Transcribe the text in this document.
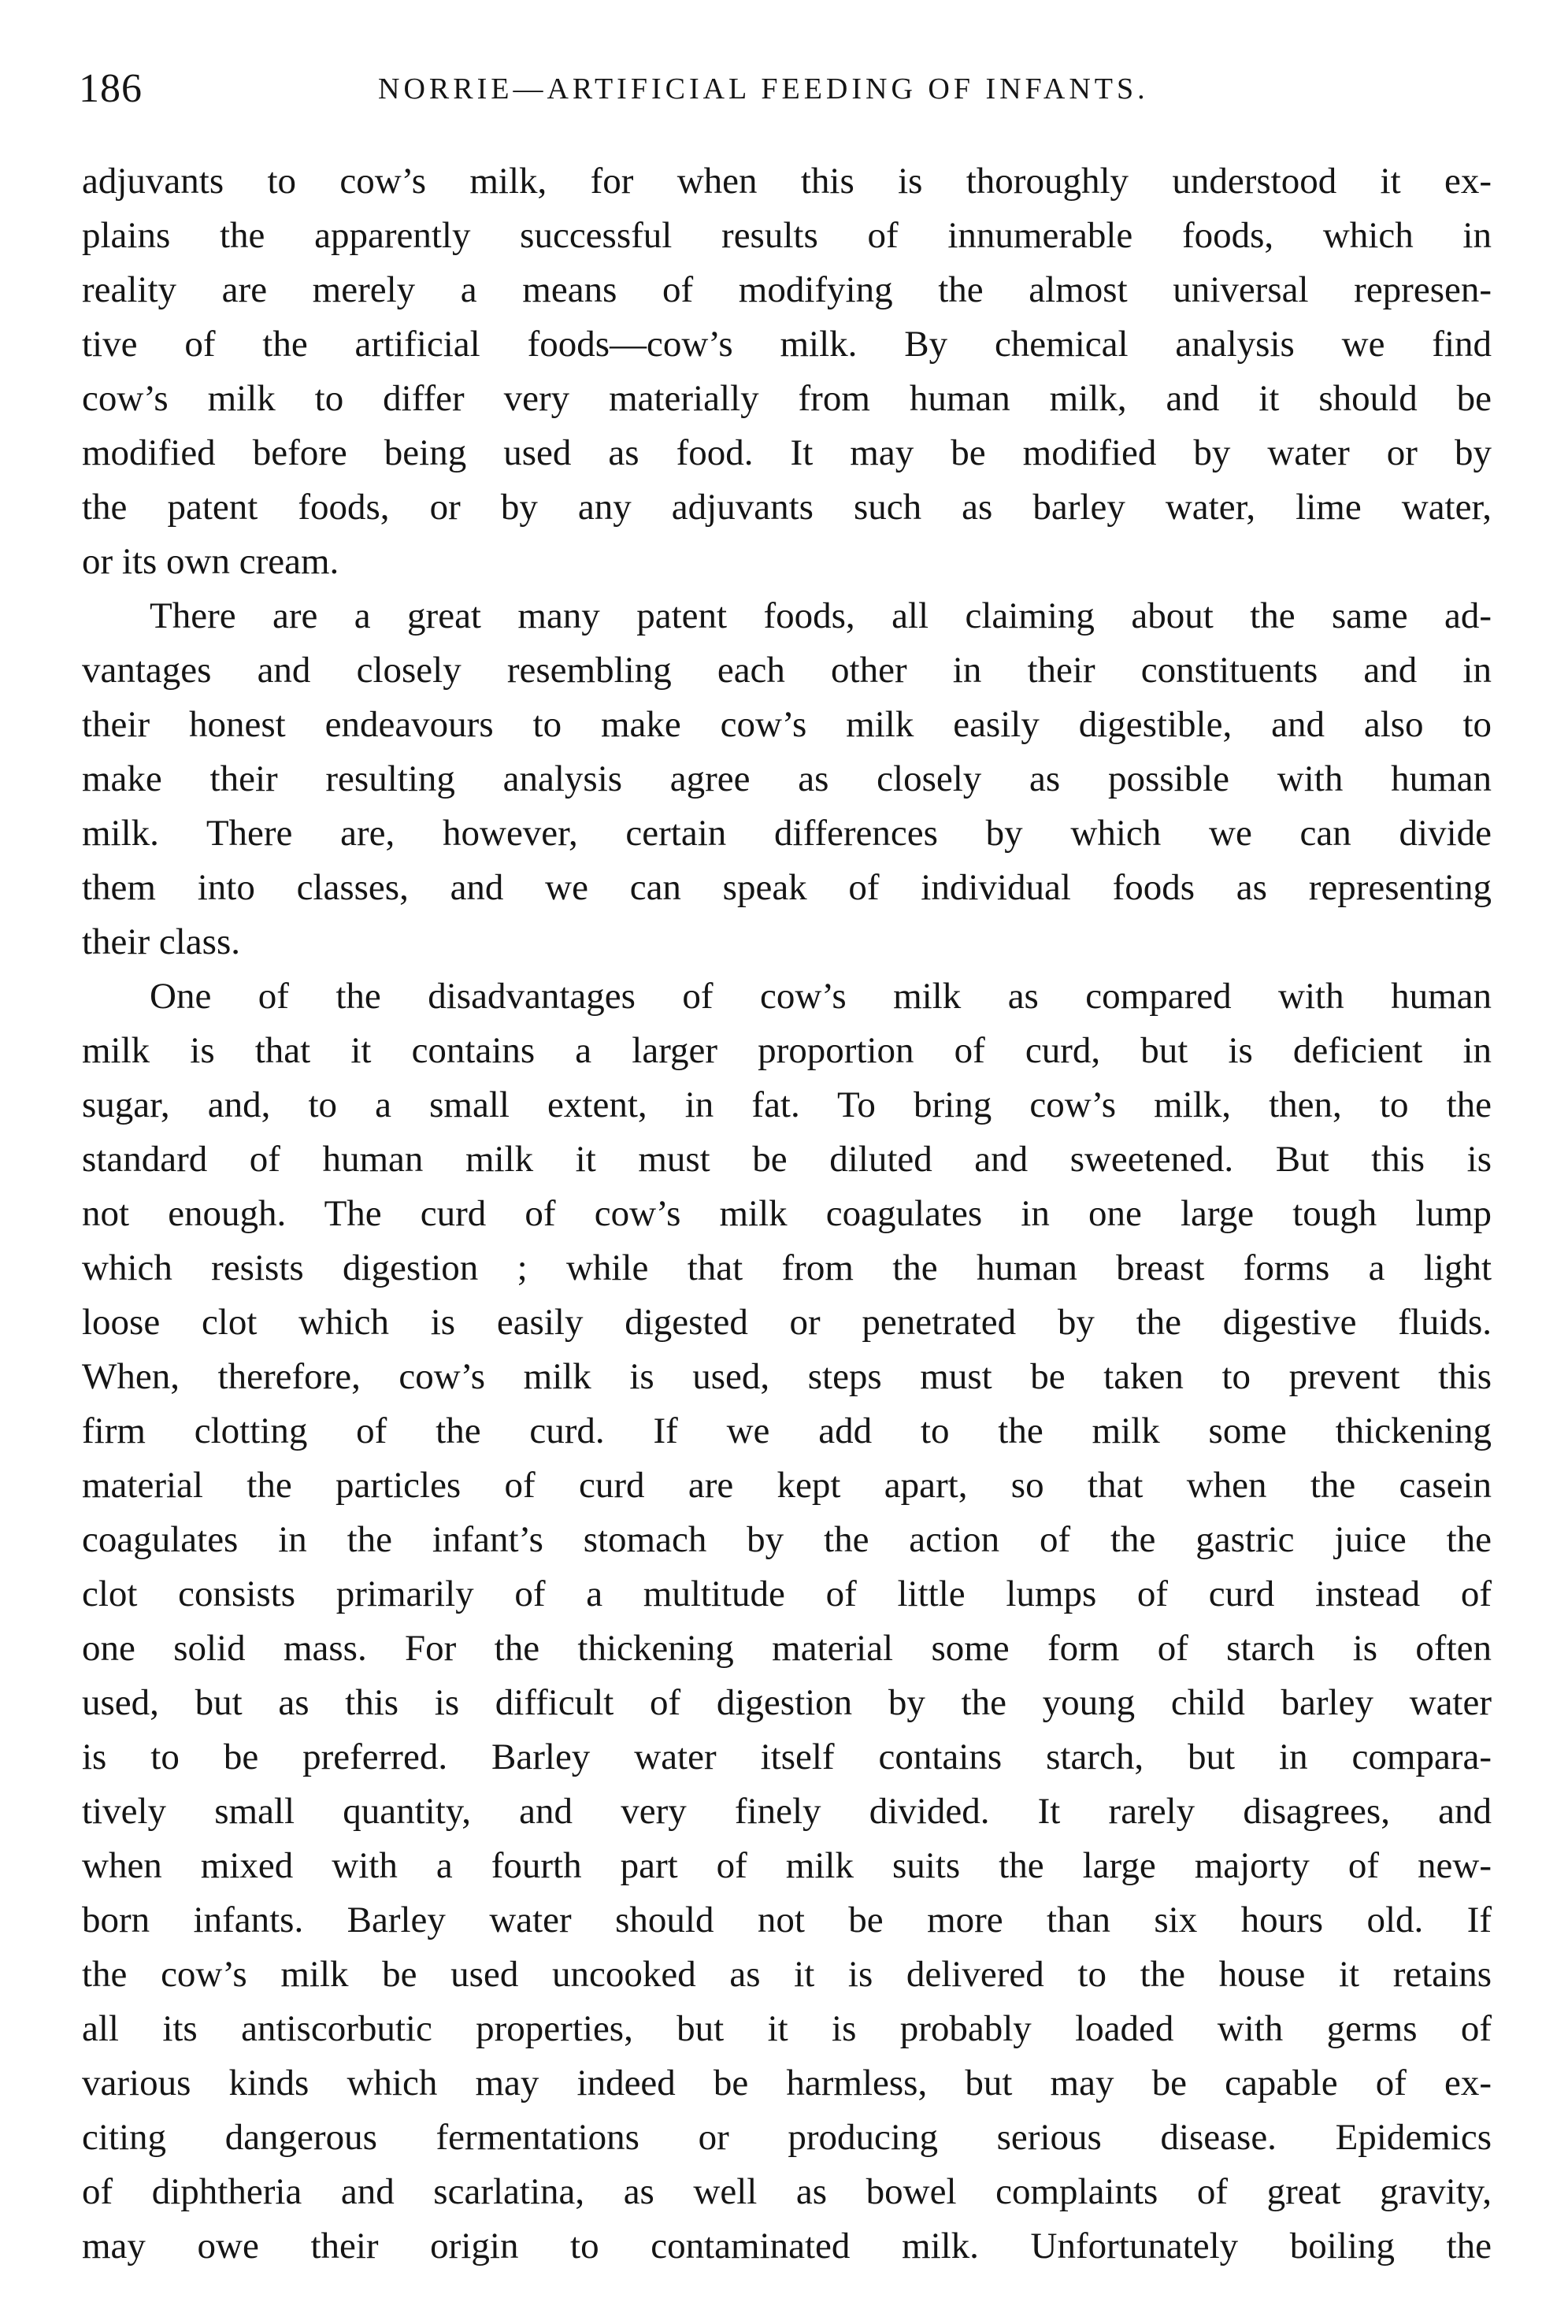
186	NORRIE—ARTIFICIAL FEEDING OF INFANTS.
adjuvants to cow’s milk, for when this is thoroughly understood it ex-
plains the apparently successful results of innumerable foods, which in
reality are merely a means of modifying the almost universal represen-
tive of the artificial foods—cow’s milk. By chemical analysis we find
cow’s milk to differ very materially from human milk, and it should be
modified before being used as food. It may be modified by water or by
the patent foods, or by any adjuvants such as barley water, lime water,
or its own cream.
There are a great many patent foods, all claiming about the same ad-
vantages and closely resembling each other in their constituents and in
their honest endeavours to make cow’s milk easily digestible, and also to
make their resulting analysis agree as closely as possible with human
milk. There are, however, certain differences by which we can divide
them into classes, and we can speak of individual foods as representing
their class.
One of the disadvantages of cow’s milk as compared with human
milk is that it contains a larger proportion of curd, but is deficient in
sugar, and, to a small extent, in fat. To bring cow’s milk, then, to the
standard of human milk it must be diluted and sweetened. But this is
not enough. The curd of cow’s milk coagulates in one large tough lump
which resists digestion ; while that from the human breast forms a light
loose clot which is easily digested or penetrated by the digestive fluids.
When, therefore, cow’s milk is used, steps must be taken to prevent this
firm clotting of the curd. If we add to the milk some thickening
material the particles of curd are kept apart, so that when the casein
coagulates in the infant’s stomach by the action of the gastric juice the
clot consists primarily of a multitude of little lumps of curd instead of
one solid mass. For the thickening material some form of starch is often
used, but as this is difficult of digestion by the young child barley water
is to be preferred. Barley water itself contains starch, but in compara-
tively small quantity, and very finely divided. It rarely disagrees, and
when mixed with a fourth part of milk suits the large majorty of new-
born infants. Barley water should not be more than six hours old. If
the cow’s milk be used uncooked as it is delivered to the house it retains
all its antiscorbutic properties, but it is probably loaded with germs of
various kinds which may indeed be harmless, but may be capable of ex-
citing dangerous fermentations or producing serious disease. Epidemics
of diphtheria and scarlatina, as well as bowel complaints of great gravity,
may owe their origin to contaminated milk. Unfortunately boiling the
